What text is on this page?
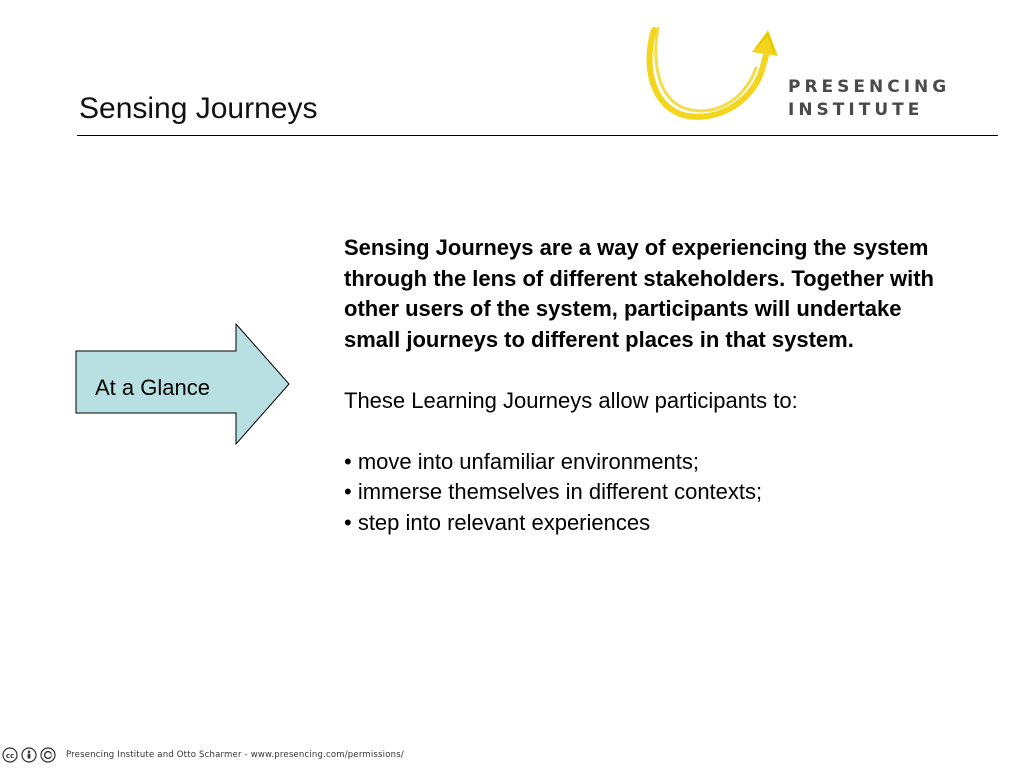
Sensing Journeys
PRESENCING
INSTITUTE
At a Glance

Sensing Journeys are a way of experiencing the system through the lens of different stakeholders. Together with other users of the system, participants will undertake small journeys to different places in that system.

These Learning Journeys allow participants to:

• move into unfamiliar environments;

• immerse themselves in different contexts;

• step into relevant experiences

cc	Presencing Institute and Otto Scharmer - www.presencing.com/permissions/
